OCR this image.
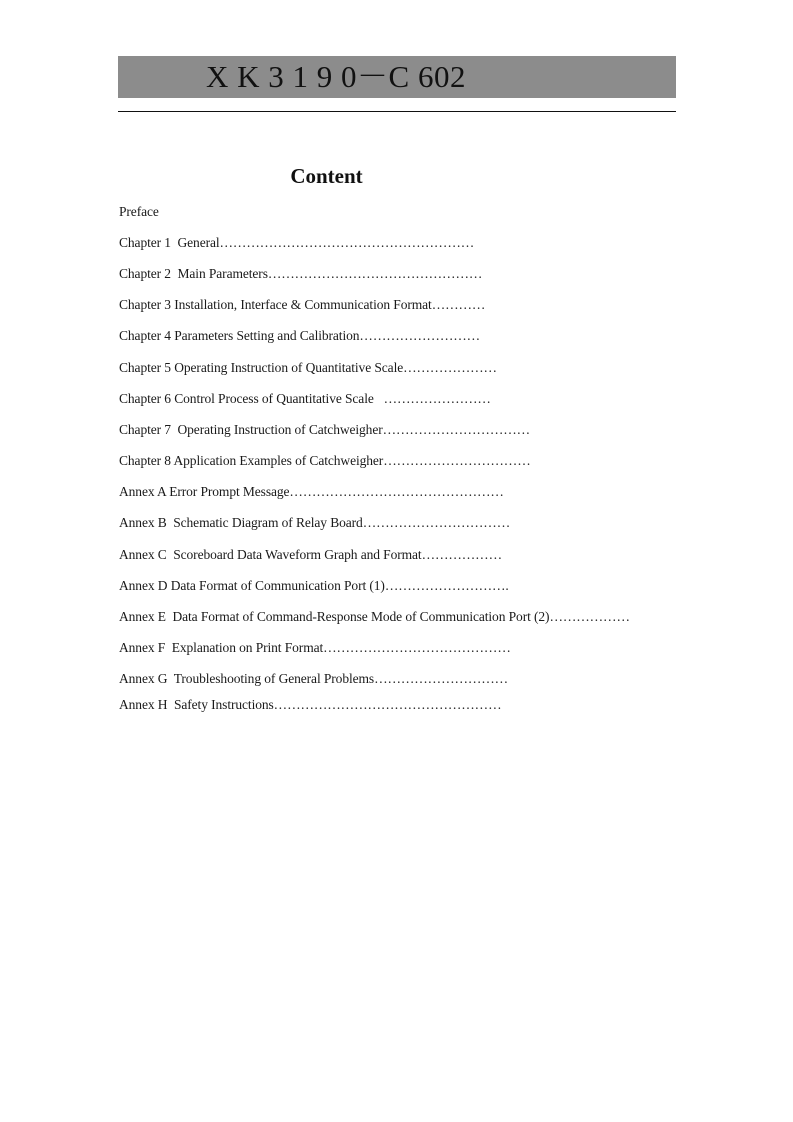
X K 3 1 9 0－C 602
Content
Preface
Chapter 1  General…………………………………………………
Chapter 2  Main Parameters…………………………………………
Chapter 3 Installation, Interface & Communication Format…………
Chapter 4 Parameters Setting and Calibration………………………
Chapter 5 Operating Instruction of Quantitative Scale…………………
Chapter 6 Control Process of Quantitative Scale   ……………………
Chapter 7  Operating Instruction of Catchweigher……………………………
Chapter 8 Application Examples of Catchweigher……………………………
Annex A Error Prompt Message…………………………………………
Annex B  Schematic Diagram of Relay Board……………………………
Annex C  Scoreboard Data Waveform Graph and Format………………
Annex D Data Format of Communication Port (1)……………………….
Annex E  Data Format of Command-Response Mode of Communication Port (2)………………
Annex F  Explanation on Print Format……………………………………
Annex G  Troubleshooting of General Problems…………………………
Annex H  Safety Instructions……………………………………………
